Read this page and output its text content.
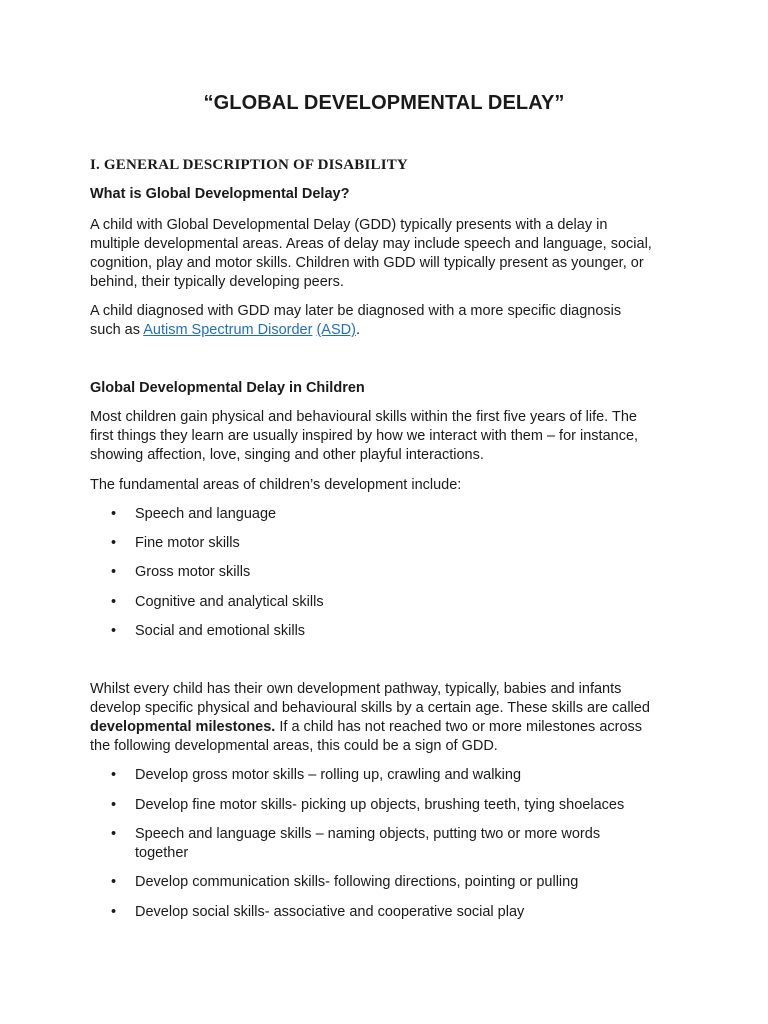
“GLOBAL DEVELOPMENTAL DELAY”
I. GENERAL DESCRIPTION OF DISABILITY
What is Global Developmental Delay?
A child with Global Developmental Delay (GDD) typically presents with a delay in
multiple developmental areas. Areas of delay may include speech and language, social,
cognition, play and motor skills. Children with GDD will typically present as younger, or
behind, their typically developing peers.
A child diagnosed with GDD may later be diagnosed with a more specific diagnosis
such as Autism Spectrum Disorder (ASD).
Global Developmental Delay in Children
Most children gain physical and behavioural skills within the first five years of life. The
first things they learn are usually inspired by how we interact with them – for instance,
showing affection, love, singing and other playful interactions.
The fundamental areas of children’s development include:
• Speech and language
• Fine motor skills
• Gross motor skills
• Cognitive and analytical skills
• Social and emotional skills
Whilst every child has their own development pathway, typically, babies and infants
develop specific physical and behavioural skills by a certain age. These skills are called
developmental milestones. If a child has not reached two or more milestones across
the following developmental areas, this could be a sign of GDD.
• Develop gross motor skills – rolling up, crawling and walking
• Develop fine motor skills- picking up objects, brushing teeth, tying shoelaces
• Speech and language skills – naming objects, putting two or more words
together
• Develop communication skills- following directions, pointing or pulling
• Develop social skills- associative and cooperative social play
